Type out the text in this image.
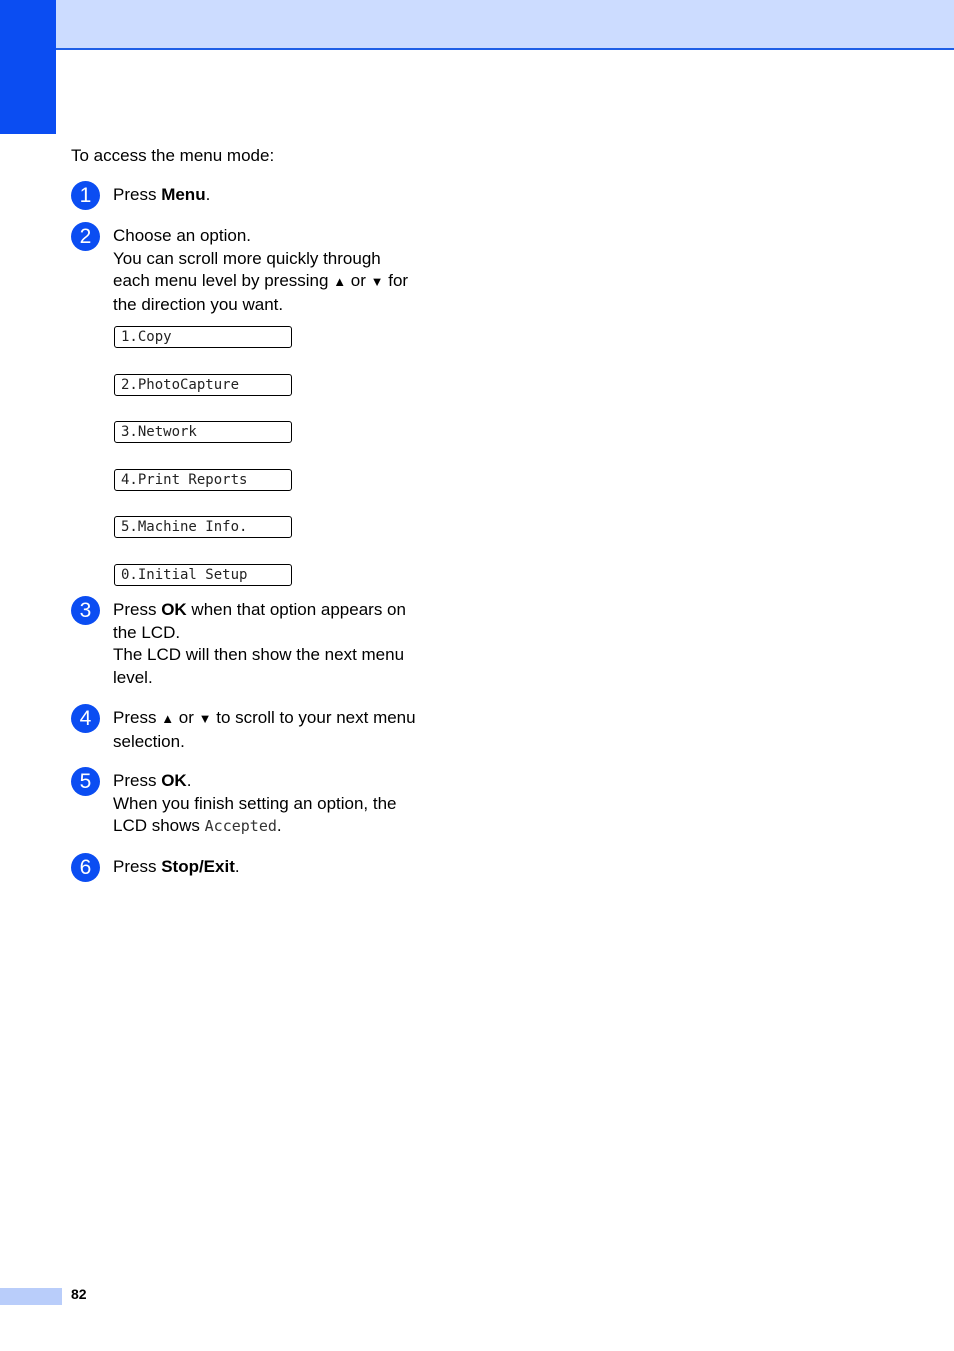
To access the menu mode:
1	Press Menu.
2	Choose an option.
You can scroll more quickly through
each menu level by pressing ▲ or ▼ for
the direction you want.
1.Copy
2.PhotoCapture
3.Network
4.Print Reports
5.Machine Info.
0.Initial Setup
3	Press OK when that option appears on
the LCD.
The LCD will then show the next menu
level.
4	Press ▲ or ▼ to scroll to your next menu
selection.
5	Press OK.
When you finish setting an option, the
LCD shows Accepted.
6	Press Stop/Exit.
82
